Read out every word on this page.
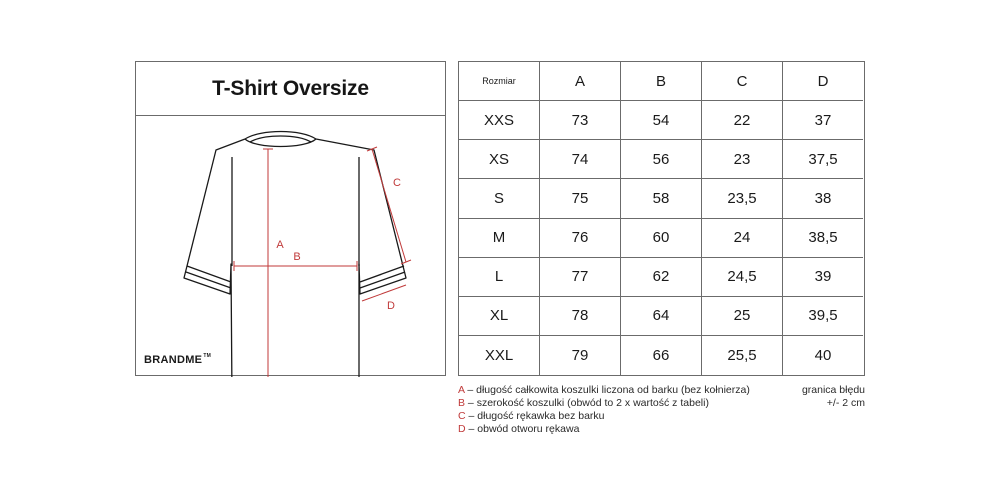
T-Shirt Oversize
A
B
C
D
BRANDME™
Rozmiar	A	B	C	D
XXS	73	54	22	37
XS	74	56	23	37,5
S	75	58	23,5	38
M	76	60	24	38,5
L	77	62	24,5	39
XL	78	64	25	39,5
XXL	79	66	25,5	40
A – długość całkowita koszulki liczona od barku (bez kołnierza)
B – szerokość koszulki (obwód to 2 x wartość z tabeli)
C – długość rękawka bez barku
D – obwód otworu rękawa
granica błędu
+/- 2 cm
